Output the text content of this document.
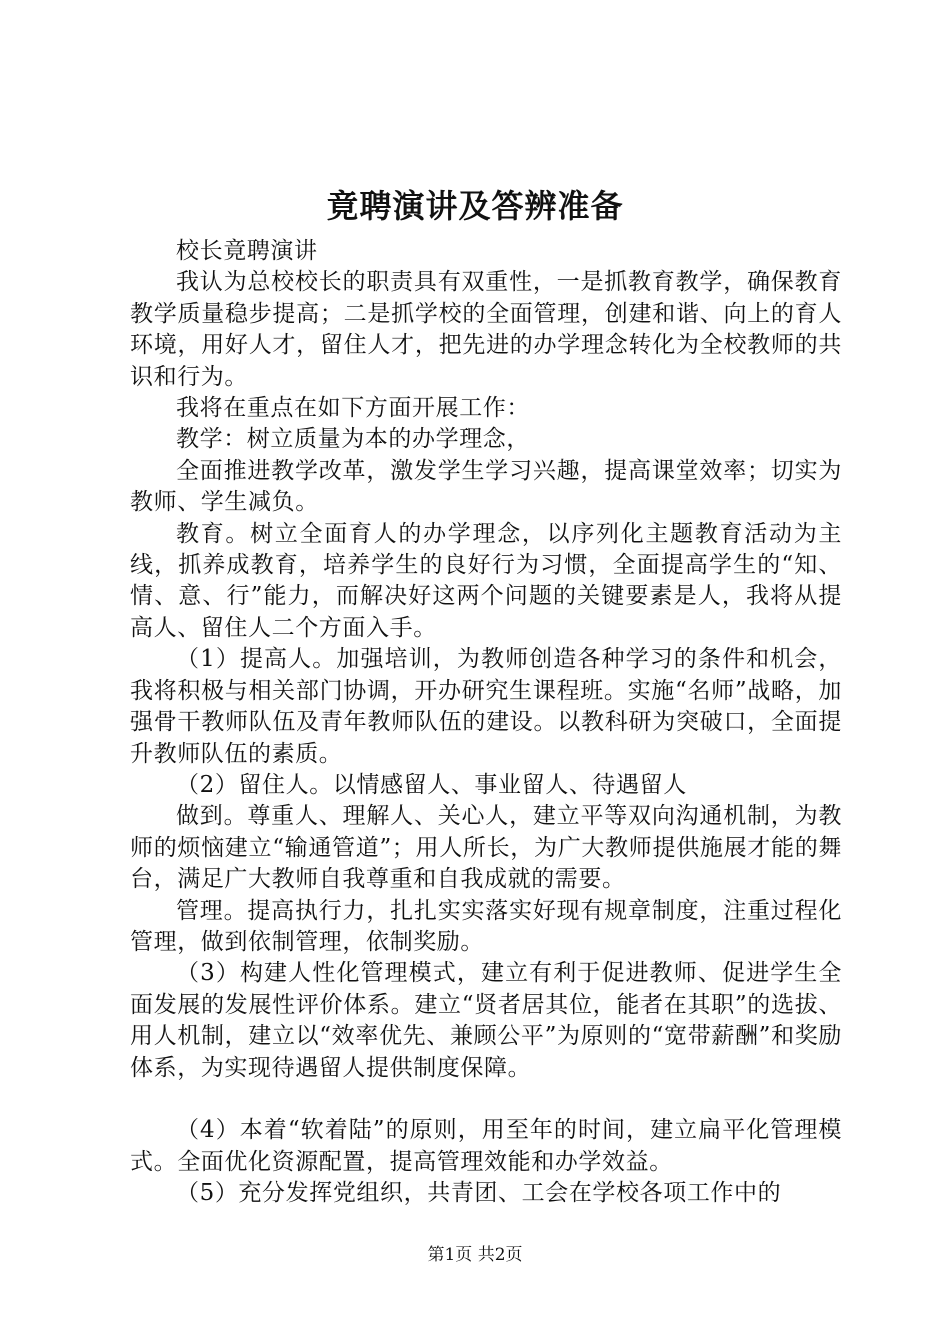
竟聘演讲及答辨准备

校长竟聘演讲

我认为总校校长的职责具有双重性，一是抓教育教学，确保教育教学质量稳步提高；二是抓学校的全面管理，创建和谐、向上的育人环境，用好人才，留住人才，把先进的办学理念转化为全校教师的共识和行为。

我将在重点在如下方面开展工作：

教学：树立质量为本的办学理念，

全面推进教学改革，激发学生学习兴趣，提高课堂效率；切实为教师、学生减负。

教育。树立全面育人的办学理念，以序列化主题教育活动为主线，抓养成教育，培养学生的良好行为习惯，全面提高学生的“知、情、意、行”能力，而解决好这两个问题的关键要素是人，我将从提高人、留住人二个方面入手。

（1）提高人。加强培训，为教师创造各种学习的条件和机会，我将积极与相关部门协调，开办研究生课程班。实施“名师”战略，加强骨干教师队伍及青年教师队伍的建设。以教科研为突破口，全面提升教师队伍的素质。

（2）留住人。以情感留人、事业留人、待遇留人

做到。尊重人、理解人、关心人，建立平等双向沟通机制，为教师的烦恼建立“输通管道”；用人所长，为广大教师提供施展才能的舞台，满足广大教师自我尊重和自我成就的需要。

管理。提高执行力，扎扎实实落实好现有规章制度，注重过程化管理，做到依制管理，依制奖励。

（3）构建人性化管理模式，建立有利于促进教师、促进学生全面发展的发展性评价体系。建立“贤者居其位，能者在其职”的选拔、用人机制，建立以“效率优先、兼顾公平”为原则的“宽带薪酬”和奖励体系，为实现待遇留人提供制度保障。

（4）本着“软着陆”的原则，用至年的时间，建立扁平化管理模式。全面优化资源配置，提高管理效能和办学效益。

（5）充分发挥党组织，共青团、工会在学校各项工作中的

第1页 共2页
